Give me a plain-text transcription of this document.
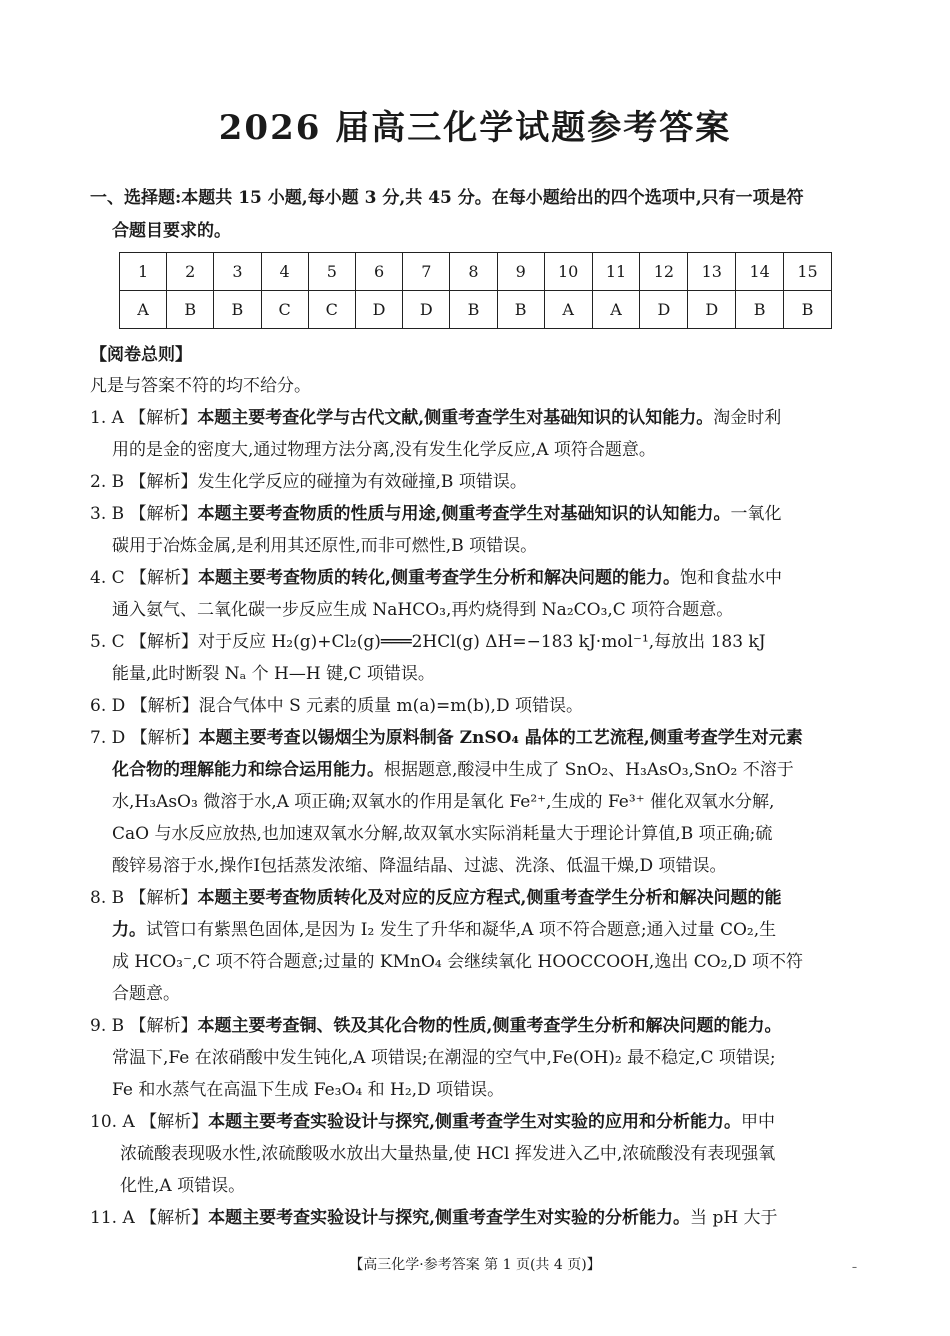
2026 届高三化学试题参考答案
一、选择题:本题共 15 小题,每小题 3 分,共 45 分。在每小题给出的四个选项中,只有一项是符
合题目要求的。
1	2	3	4	5	6	7	8	9	10	11	12	13	14	15
A	B	B	C	C	D	D	B	B	A	A	D	D	B	B
【阅卷总则】

凡是与答案不符的均不给分。

1. A 【解析】本题主要考查化学与古代文献,侧重考查学生对基础知识的认知能力。淘金时利
用的是金的密度大,通过物理方法分离,没有发生化学反应,A 项符合题意。
2. B 【解析】发生化学反应的碰撞为有效碰撞,B 项错误。
3. B 【解析】本题主要考查物质的性质与用途,侧重考查学生对基础知识的认知能力。一氧化
碳用于冶炼金属,是利用其还原性,而非可燃性,B 项错误。
4. C 【解析】本题主要考查物质的转化,侧重考查学生分析和解决问题的能力。饱和食盐水中
通入氨气、二氧化碳一步反应生成 NaHCO₃,再灼烧得到 Na₂CO₃,C 项符合题意。
5. C 【解析】对于反应 H₂(g)+Cl₂(g)═══2HCl(g) ΔH=−183 kJ·mol⁻¹,每放出 183 kJ
能量,此时断裂 Nₐ 个 H—H 键,C 项错误。
6. D 【解析】混合气体中 S 元素的质量 m(a)=m(b),D 项错误。
7. D 【解析】本题主要考查以锡烟尘为原料制备 ZnSO₄ 晶体的工艺流程,侧重考查学生对元素
化合物的理解能力和综合运用能力。根据题意,酸浸中生成了 SnO₂、H₃AsO₃,SnO₂ 不溶于
水,H₃AsO₃ 微溶于水,A 项正确;双氧水的作用是氧化 Fe²⁺,生成的 Fe³⁺ 催化双氧水分解,
CaO 与水反应放热,也加速双氧水分解,故双氧水实际消耗量大于理论计算值,B 项正确;硫
酸锌易溶于水,操作Ⅰ包括蒸发浓缩、降温结晶、过滤、洗涤、低温干燥,D 项错误。
8. B 【解析】本题主要考查物质转化及对应的反应方程式,侧重考查学生分析和解决问题的能
力。试管口有紫黑色固体,是因为 I₂ 发生了升华和凝华,A 项不符合题意;通入过量 CO₂,生
成 HCO₃⁻,C 项不符合题意;过量的 KMnO₄ 会继续氧化 HOOCCOOH,逸出 CO₂,D 项不符
合题意。
9. B 【解析】本题主要考查铜、铁及其化合物的性质,侧重考查学生分析和解决问题的能力。
常温下,Fe 在浓硝酸中发生钝化,A 项错误;在潮湿的空气中,Fe(OH)₂ 最不稳定,C 项错误;
Fe 和水蒸气在高温下生成 Fe₃O₄ 和 H₂,D 项错误。
10. A 【解析】本题主要考查实验设计与探究,侧重考查学生对实验的应用和分析能力。甲中
浓硫酸表现吸水性,浓硫酸吸水放出大量热量,使 HCl 挥发进入乙中,浓硫酸没有表现强氧
化性,A 项错误。
11. A 【解析】本题主要考查实验设计与探究,侧重考查学生对实验的分析能力。当 pH 大于
【高三化学·参考答案 第 1 页(共 4 页)】	–
